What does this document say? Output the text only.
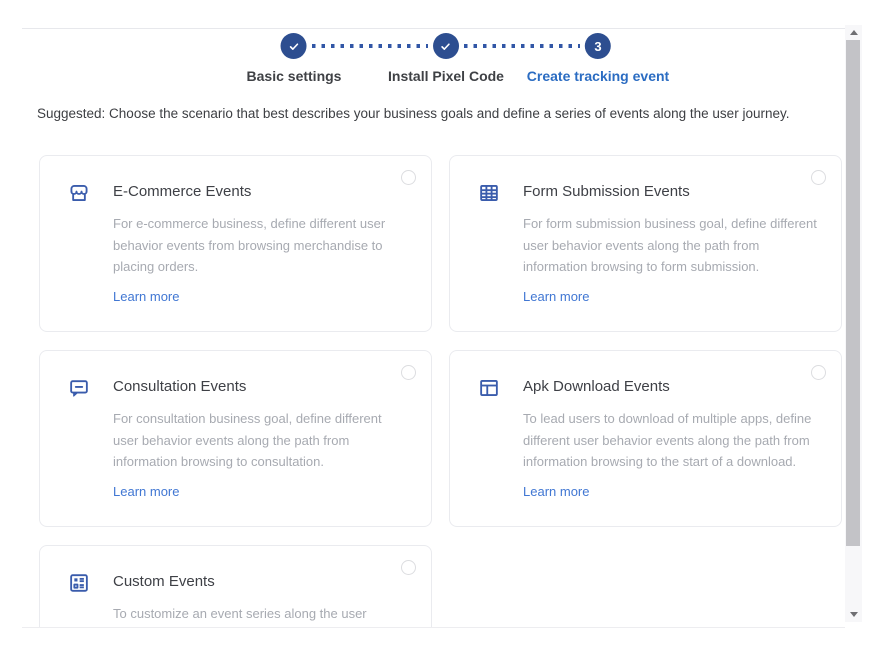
Basic settings	Install Pixel Code
3
Create tracking event
Suggested: Choose the scenario that best describes your business goals and define a series of events along the user journey.
E-Commerce Events

For e-commerce business, define different user behavior events from browsing merchandise to placing orders.

Learn more
Form Submission Events

For form submission business goal, define different user behavior events along the path from information browsing to form submission.

Learn more
Consultation Events

For consultation business goal, define different user behavior events along the path from information browsing to consultation.

Learn more
Apk Download Events

To lead users to download of multiple apps, define different user behavior events along the path from information browsing to the start of a download.

Learn more
Custom Events

To customize an event series along the user
